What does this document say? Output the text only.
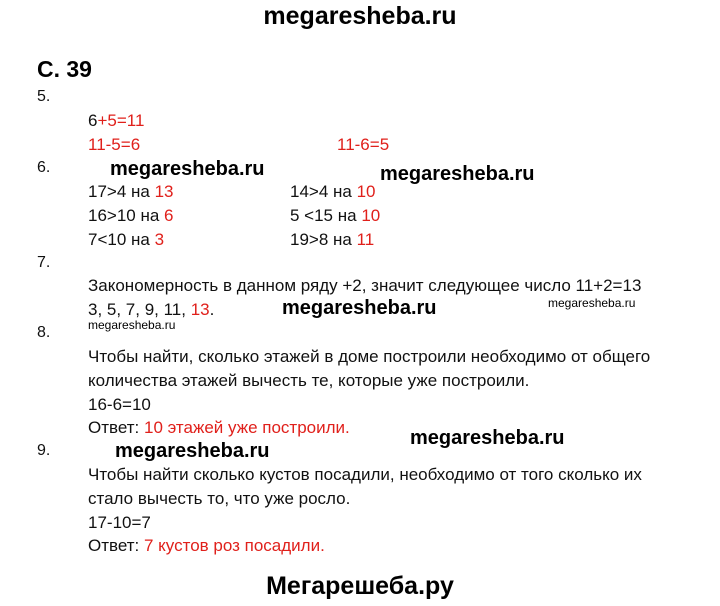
megaresheba.ru
megaresheba.ru	megaresheba.ru
megaresheba.ru
megaresheba.ru
megaresheba.ru
megaresheba.ru
megaresheba.ru
С. 39
5.
6+5=11
11-5=6	11-6=5
6.
17>4 на 13	14>4 на 10
16>10 на 6	5 <15 на 10
7<10 на 3	19>8 на 11
7.
Закономерность в данном ряду +2, значит следующее число 11+2=13
3, 5, 7, 9, 11, 13.
8.
Чтобы найти, сколько этажей в доме построили необходимо от общего
количества этажей вычесть те, которые уже построили.
16-6=10
Ответ: 10 этажей уже построили.
9.
Чтобы найти сколько кустов посадили, необходимо от того сколько их
стало вычесть то, что уже росло.
17-10=7
Ответ: 7 кустов роз посадили.
Мегарешеба.ру
